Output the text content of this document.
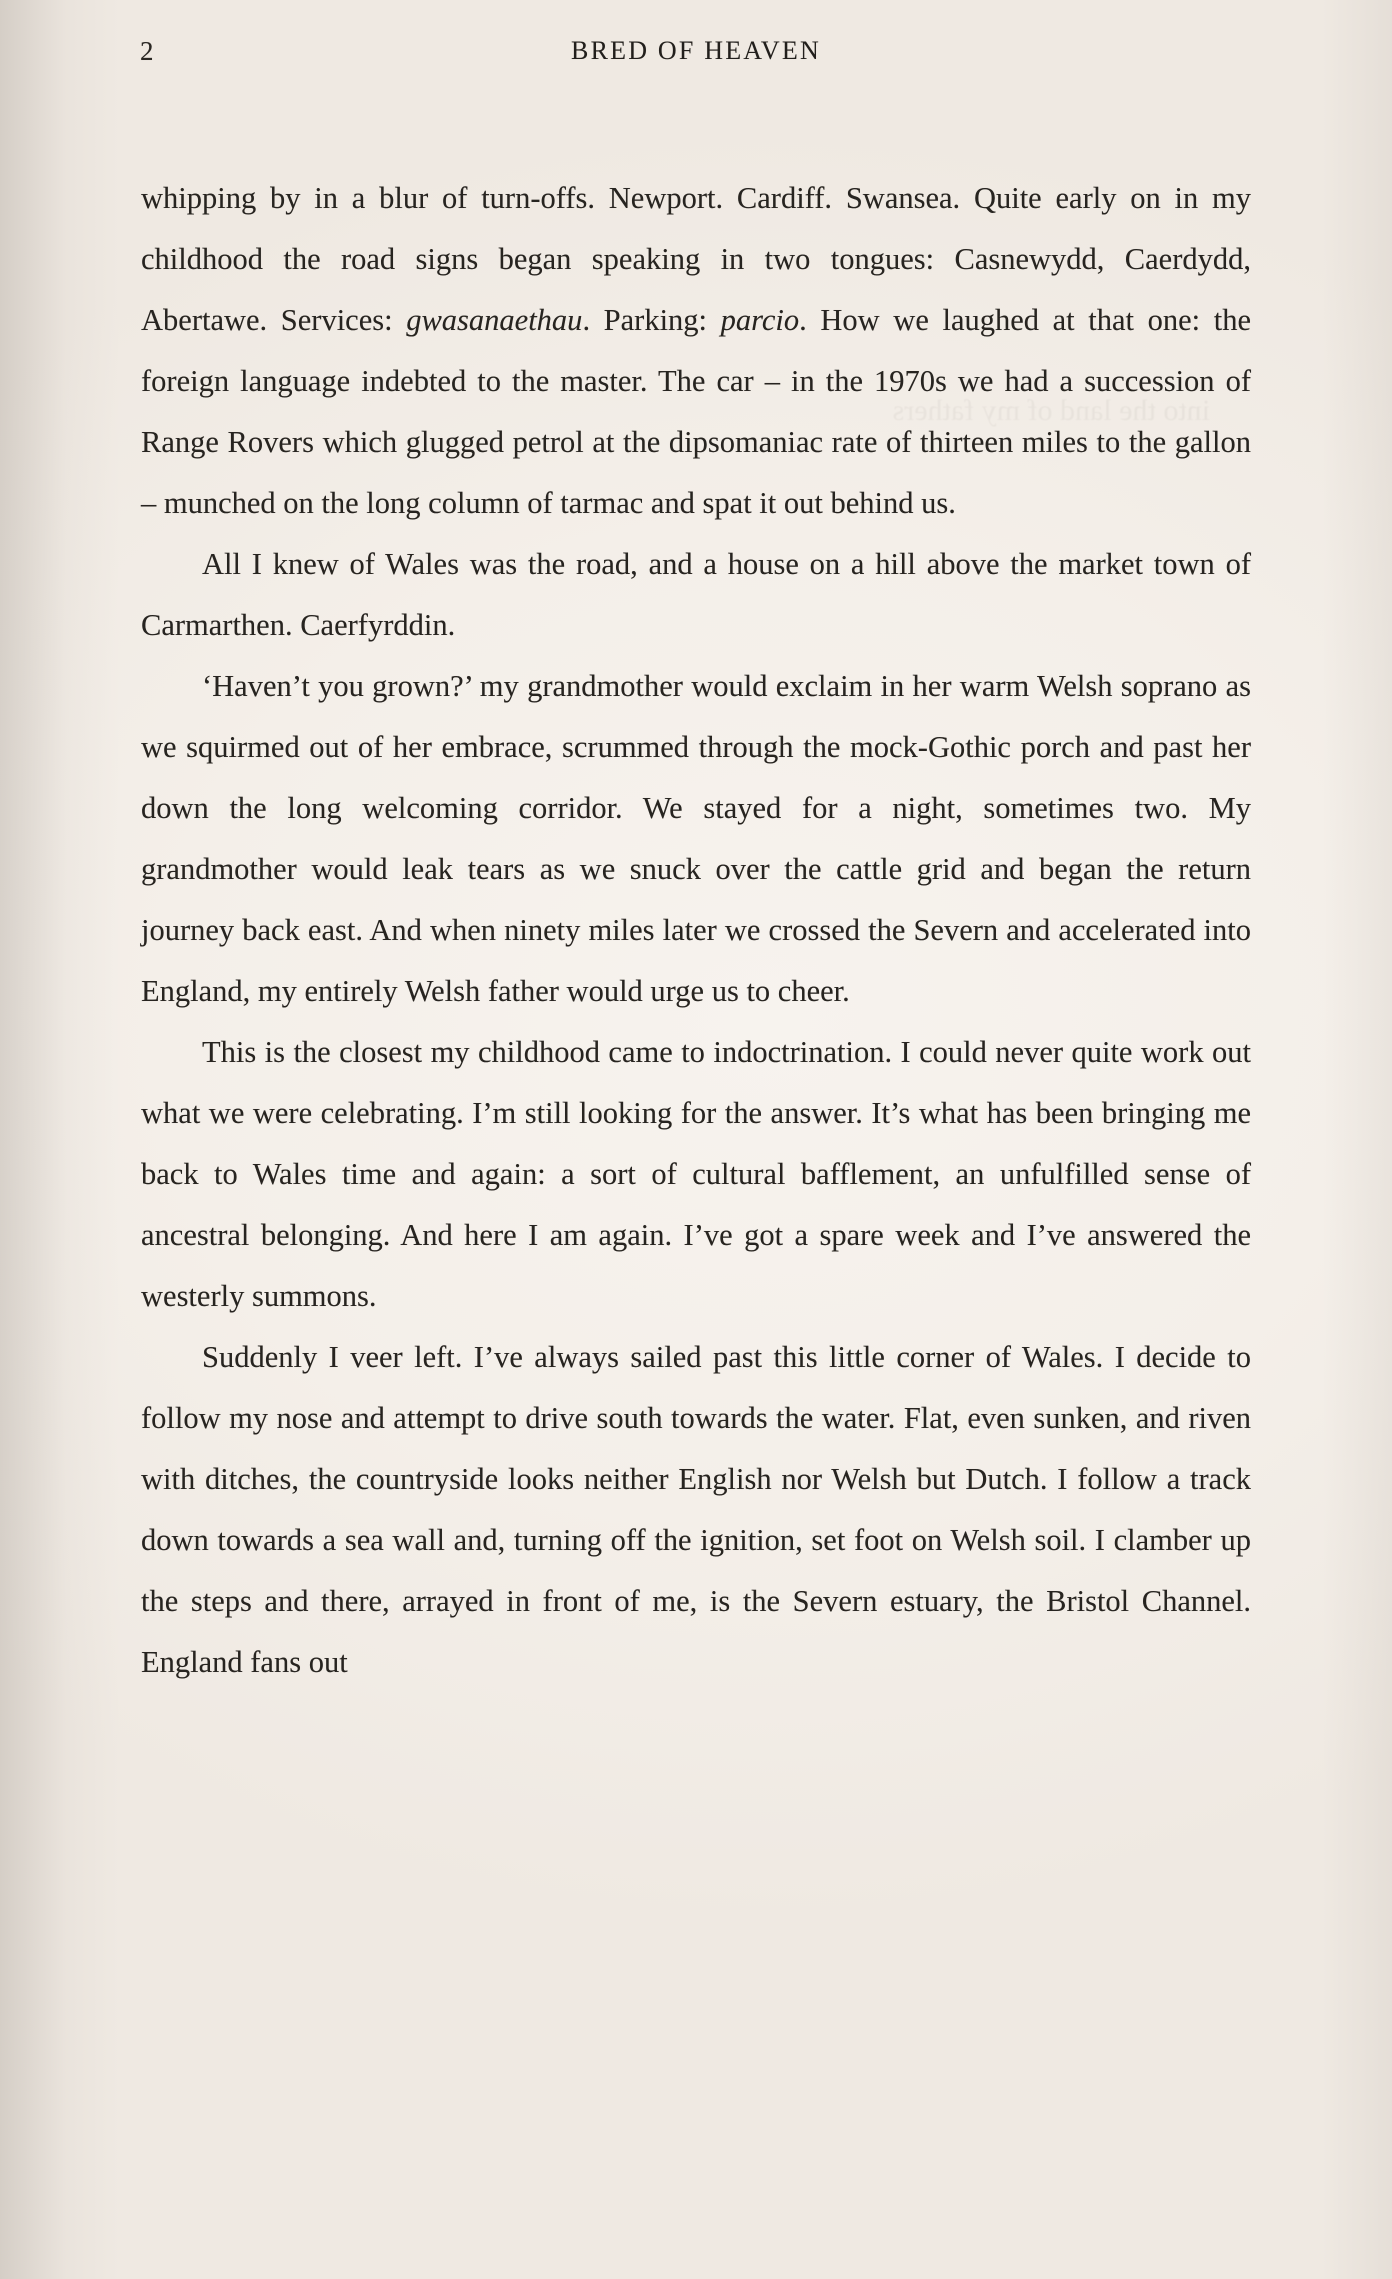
2	BRED OF HEAVEN
into the land of my fathers

whipping by in a blur of turn-offs. Newport. Cardiff. Swansea. Quite early on in my childhood the road signs began speaking in two tongues: Casnewydd, Caerdydd, Abertawe. Services: gwasanaethau. Parking: parcio. How we laughed at that one: the foreign language indebted to the master. The car – in the 1970s we had a succession of Range Rovers which glugged petrol at the dipsomaniac rate of thirteen miles to the gallon – munched on the long column of tarmac and spat it out behind us.

All I knew of Wales was the road, and a house on a hill above the market town of Carmarthen. Caerfyrddin.

‘Haven’t you grown?’ my grandmother would exclaim in her warm Welsh soprano as we squirmed out of her embrace, scrummed through the mock-Gothic porch and past her down the long welcoming corridor. We stayed for a night, sometimes two. My grandmother would leak tears as we snuck over the cattle grid and began the return journey back east. And when ninety miles later we crossed the Severn and accelerated into England, my entirely Welsh father would urge us to cheer.

This is the closest my childhood came to indoctrination. I could never quite work out what we were celebrating. I’m still looking for the answer. It’s what has been bringing me back to Wales time and again: a sort of cultural bafflement, an unfulfilled sense of ancestral belonging. And here I am again. I’ve got a spare week and I’ve answered the westerly summons.

Suddenly I veer left. I’ve always sailed past this little corner of Wales. I decide to follow my nose and attempt to drive south towards the water. Flat, even sunken, and riven with ditches, the countryside looks neither English nor Welsh but Dutch. I follow a track down towards a sea wall and, turning off the ignition, set foot on Welsh soil. I clamber up the steps and there, arrayed in front of me, is the Severn estuary, the Bristol Channel. England fans out
